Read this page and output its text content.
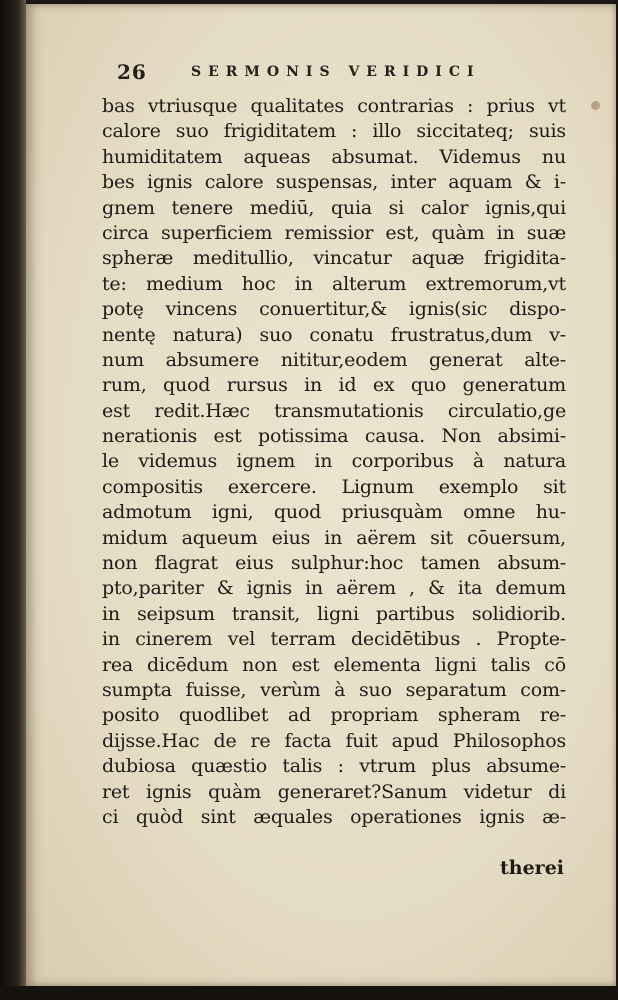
26	SERMONIS VERIDICI
bas vtriusque qualitates contrarias : prius vt
calore suo frigiditatem : illo siccitateq; suis
humiditatem aqueas absumat. Videmus nu
bes ignis calore suspensas, inter aquam & i-
gnem tenere mediū, quia si calor ignis,qui
circa superficiem remissior est, quàm in suæ
spheræ meditullio, vincatur aquæ frigidita-
te: medium hoc in alterum extremorum,vt
potę vincens conuertitur,& ignis(sic dispo-
nentę natura) suo conatu frustratus,dum v-
num absumere nititur,eodem generat alte-
rum, quod rursus in id ex quo generatum
est redit.Hæc transmutationis circulatio,ge
nerationis est potissima causa. Non absimi-
le videmus ignem in corporibus à natura
compositis exercere. Lignum exemplo sit
admotum igni, quod priusquàm omne hu-
midum aqueum eius in aërem sit cōuersum,
non flagrat eius sulphur:hoc tamen absum-
pto,pariter & ignis in aërem , & ita demum
in seipsum transit, ligni partibus solidiorib.
in cinerem vel terram decidētibus . Propte-
rea dicēdum non est elementa ligni talis cō
sumpta fuisse, verùm à suo separatum com-
posito quodlibet ad propriam spheram re-
dijsse.Hac de re facta fuit apud Philosophos
dubiosa quæstio talis : vtrum plus absume-
ret ignis quàm generaret?Sanum videtur di
ci quòd sint æquales operationes ignis æ-
therei
